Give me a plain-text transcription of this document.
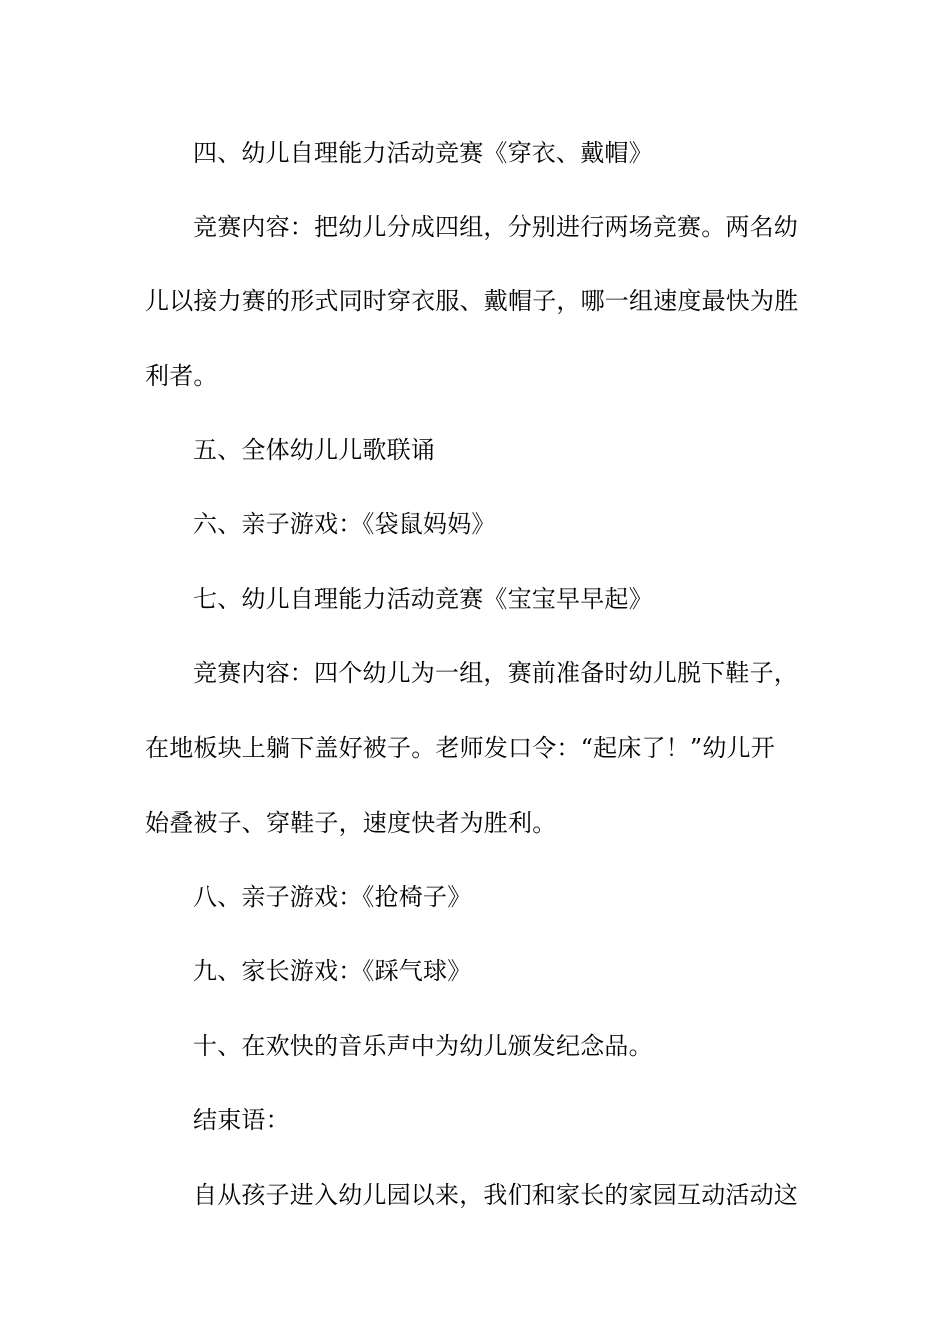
四、幼儿自理能力活动竞赛《穿衣、戴帽》
竞赛内容：把幼儿分成四组，分别进行两场竞赛。两名幼
儿以接力赛的形式同时穿衣服、戴帽子，哪一组速度最快为胜
利者。
五、全体幼儿儿歌联诵
六、亲子游戏：《袋鼠妈妈》
七、幼儿自理能力活动竞赛《宝宝早早起》
竞赛内容：四个幼儿为一组，赛前准备时幼儿脱下鞋子，
在地板块上躺下盖好被子。老师发口令：“起床了！”幼儿开
始叠被子、穿鞋子，速度快者为胜利。
八、亲子游戏：《抢椅子》
九、家长游戏：《踩气球》
十、在欢快的音乐声中为幼儿颁发纪念品。
结束语：
自从孩子进入幼儿园以来，我们和家长的家园互动活动这
